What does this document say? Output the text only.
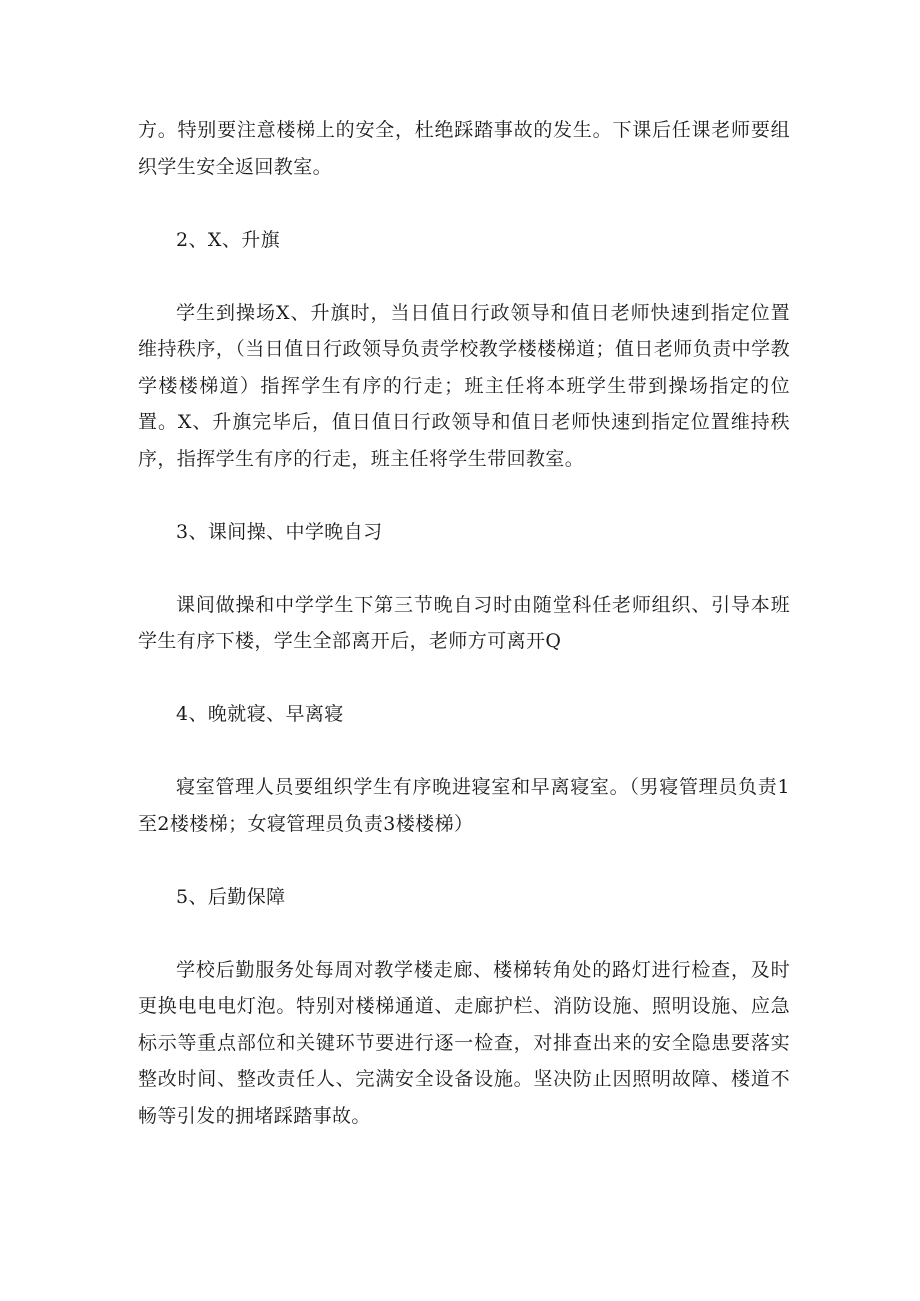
方。特别要注意楼梯上的安全，杜绝踩踏事故的发生。下课后任课老师要组织学生安全返回教室。

2、X、升旗

学生到操场X、升旗时，当日值日行政领导和值日老师快速到指定位置维持秩序，（当日值日行政领导负责学校教学楼楼梯道；值日老师负责中学教学楼楼梯道）指挥学生有序的行走；班主任将本班学生带到操场指定的位置。X、升旗完毕后，值日值日行政领导和值日老师快速到指定位置维持秩序，指挥学生有序的行走，班主任将学生带回教室。

3、课间操、中学晚自习

课间做操和中学学生下第三节晚自习时由随堂科任老师组织、引导本班学生有序下楼，学生全部离开后，老师方可离开Q

4、晚就寝、早离寝

寝室管理人员要组织学生有序晚进寝室和早离寝室。（男寝管理员负责1至2楼楼梯；女寝管理员负责3楼楼梯）

5、后勤保障

学校后勤服务处每周对教学楼走廊、楼梯转角处的路灯进行检查，及时更换电电电灯泡。特别对楼梯通道、走廊护栏、消防设施、照明设施、应急标示等重点部位和关键环节要进行逐一检查，对排查出来的安全隐患要落实整改时间、整改责任人、完满安全设备设施。坚决防止因照明故障、楼道不畅等引发的拥堵踩踏事故。
